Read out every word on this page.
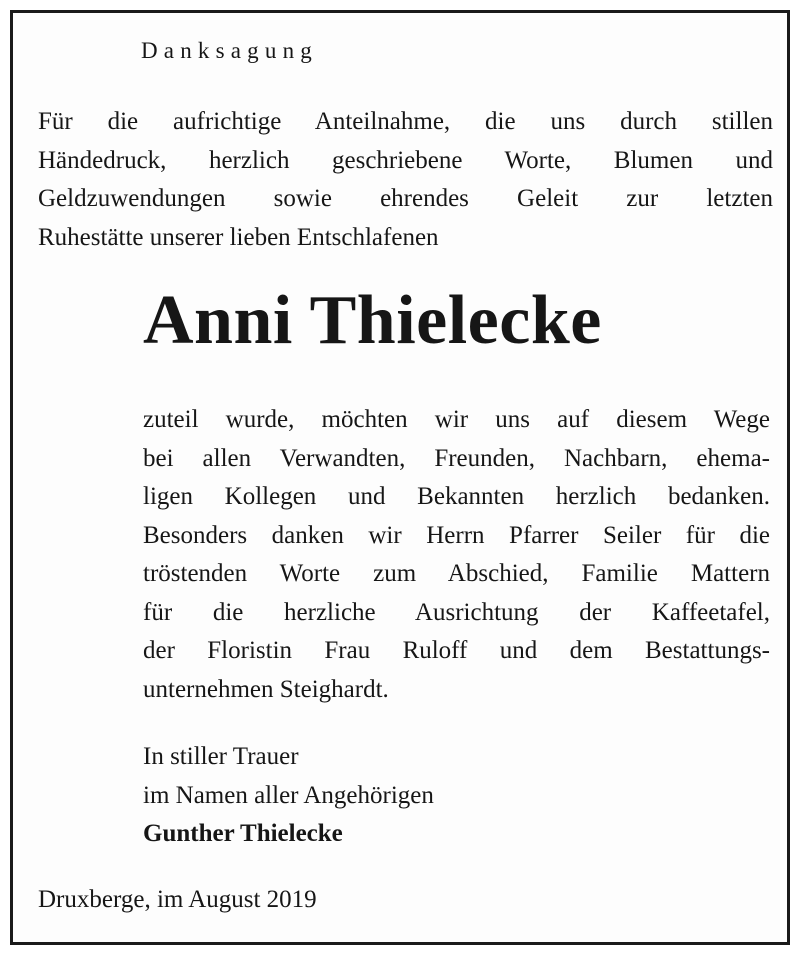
Danksagung

Für die aufrichtige Anteilnahme, die uns durch stillen
Händedruck, herzlich geschriebene Worte, Blumen und
Geldzuwendungen sowie ehrendes Geleit zur letzten
Ruhestätte unserer lieben Entschlafenen

Anni Thielecke

zuteil wurde, möchten wir uns auf diesem Wege
bei allen Verwandten, Freunden, Nachbarn, ehema-
ligen Kollegen und Bekannten herzlich bedanken.
Besonders danken wir Herrn Pfarrer Seiler für die
tröstenden Worte zum Abschied, Familie Mattern
für die herzliche Ausrichtung der Kaffeetafel,
der Floristin Frau Ruloff und dem Bestattungs-
unternehmen Steighardt.

In stiller Trauer
im Namen aller Angehörigen
Gunther Thielecke

Druxberge, im August 2019
